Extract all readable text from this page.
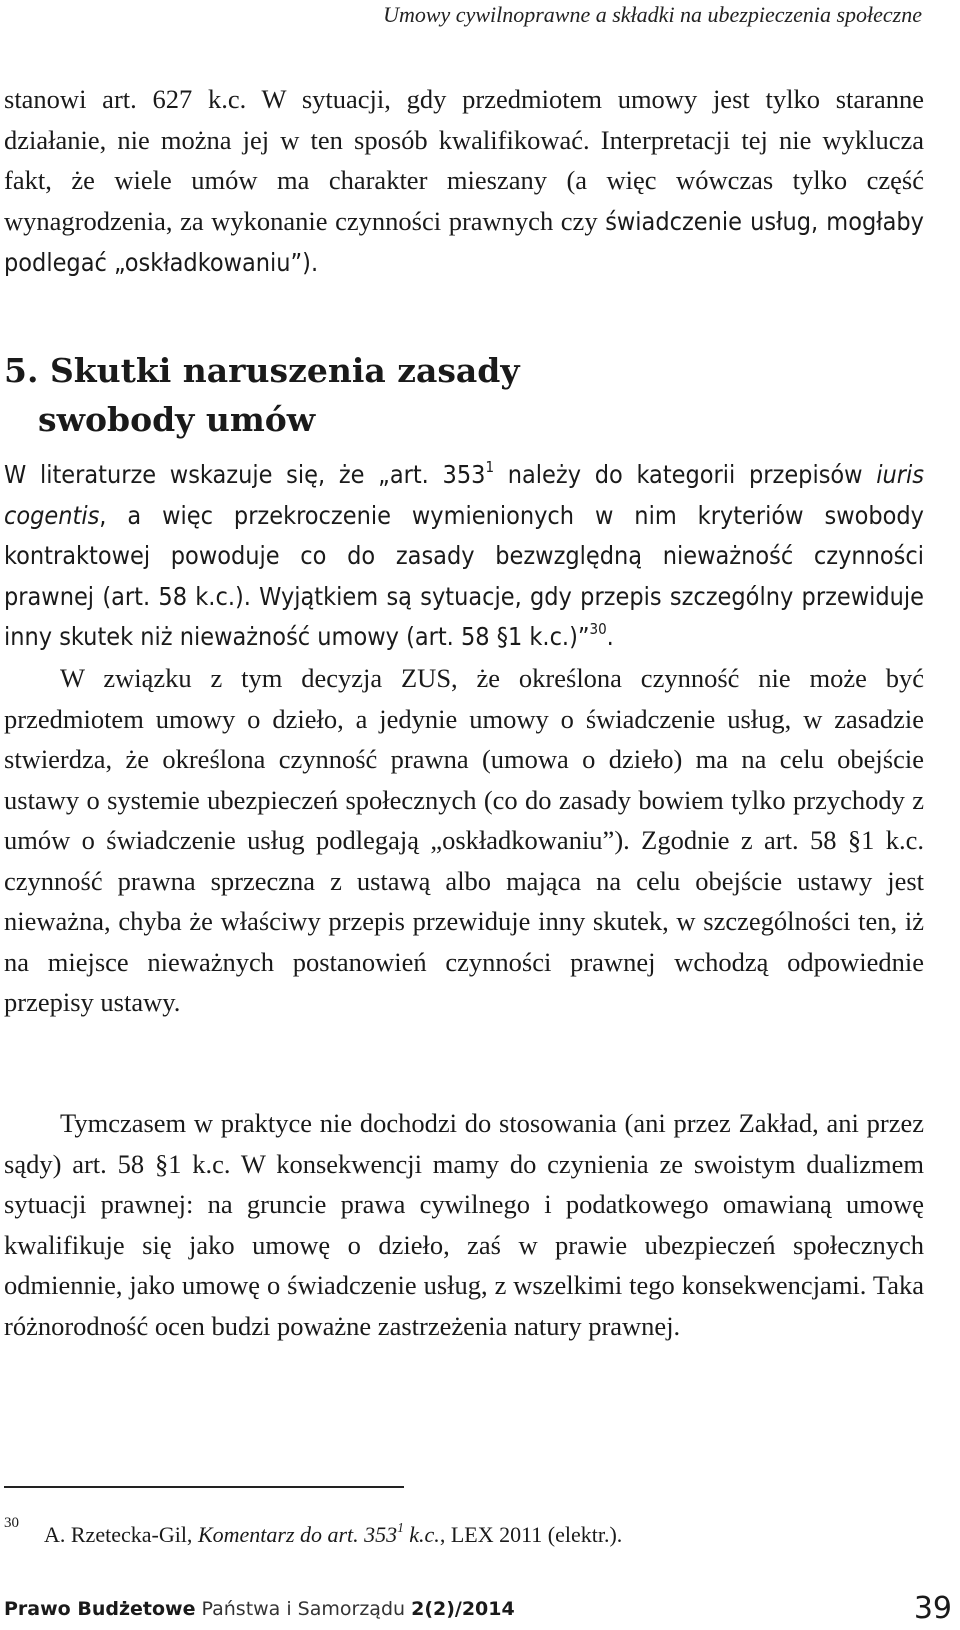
Umowy cywilnoprawne a składki na ubezpieczenia społeczne

stanowi art. 627 k.c. W sytuacji, gdy przedmiotem umowy jest tylko staranne działanie, nie można jej w ten sposób kwalifikować. Interpretacji tej nie wyklucza fakt, że wiele umów ma charakter mieszany (a więc wówczas tylko część wynagrodzenia, za wykonanie czynności prawnych czy świadczenie usług, mogłaby podlegać „oskładkowaniu”).

5. Skutki naruszenia zasady
swobody umów

W literaturze wskazuje się, że „art. $353^1$ należy do kategorii przepisów iuris cogentis, a więc przekroczenie wymienionych w nim kryteriów swobody kontraktowej powoduje co do zasady bezwzględną nieważność czynności prawnej (art. 58 k.c.). Wyjątkiem są sytuacje, gdy przepis szczególny przewiduje inny skutek niż nieważność umowy (art. 58 §1 k.c.)”$^{30}$.

W związku z tym decyzja ZUS, że określona czynność nie może być przedmiotem umowy o dzieło, a jedynie umowy o świadczenie usług, w zasadzie stwierdza, że określona czynność prawna (umowa o dzieło) ma na celu obejście ustawy o systemie ubezpieczeń społecznych (co do zasady bowiem tylko przychody z umów o świadczenie usług podlegają „oskładkowaniu”). Zgodnie z art. 58 §1 k.c. czynność prawna sprzeczna z ustawą albo mająca na celu obejście ustawy jest nieważna, chyba że właściwy przepis przewiduje inny skutek, w szczególności ten, iż na miejsce nieważnych postanowień czynności prawnej wchodzą odpowiednie przepisy ustawy.

Tymczasem w praktyce nie dochodzi do stosowania (ani przez Zakład, ani przez sądy) art. 58 §1 k.c. W konsekwencji mamy do czynienia ze swoistym dualizmem sytuacji prawnej: na gruncie prawa cywilnego i podatkowego omawianą umowę kwalifikuje się jako umowę o dzieło, zaś w prawie ubezpieczeń społecznych odmiennie, jako umowę o świadczenie usług, z wszelkimi tego konsekwencjami. Taka różnorodność ocen budzi poważne zastrzeżenia natury prawnej.

30 A. Rzetecka-Gil, Komentarz do art. $353^1$ k.c., LEX 2011 (elektr.).
Prawo Budżetowe Państwa i Samorządu 2(2)/2014	39
